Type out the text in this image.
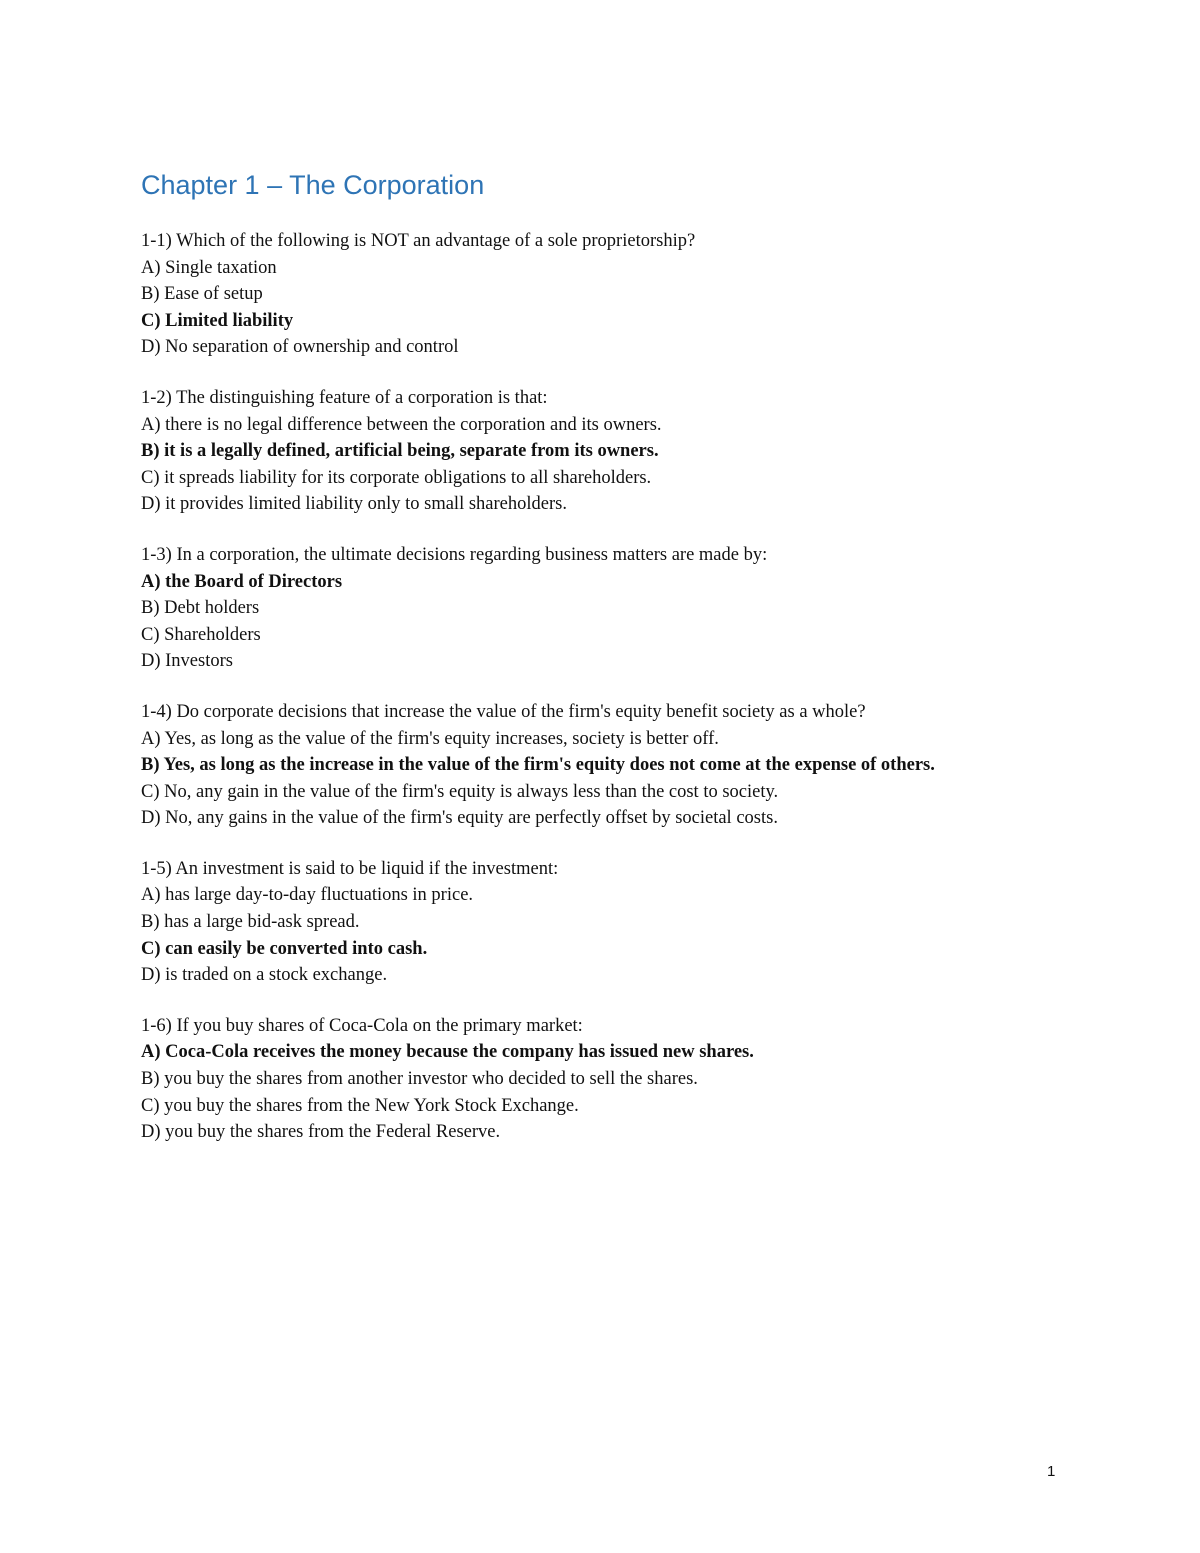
Chapter 1 – The Corporation
1-1) Which of the following is NOT an advantage of a sole proprietorship?
A) Single taxation
B) Ease of setup
C) Limited liability
D) No separation of ownership and control
1-2) The distinguishing feature of a corporation is that:
A) there is no legal difference between the corporation and its owners.
B) it is a legally defined, artificial being, separate from its owners.
C) it spreads liability for its corporate obligations to all shareholders.
D) it provides limited liability only to small shareholders.
1-3) In a corporation, the ultimate decisions regarding business matters are made by:
A) the Board of Directors
B) Debt holders
C) Shareholders
D) Investors
1-4) Do corporate decisions that increase the value of the firm's equity benefit society as a whole?
A) Yes, as long as the value of the firm's equity increases, society is better off.
B) Yes, as long as the increase in the value of the firm's equity does not come at the expense of others.
C) No, any gain in the value of the firm's equity is always less than the cost to society.
D) No, any gains in the value of the firm's equity are perfectly offset by societal costs.
1-5) An investment is said to be liquid if the investment:
A) has large day-to-day fluctuations in price.
B) has a large bid-ask spread.
C) can easily be converted into cash.
D) is traded on a stock exchange.
1-6) If you buy shares of Coca-Cola on the primary market:
A) Coca-Cola receives the money because the company has issued new shares.
B) you buy the shares from another investor who decided to sell the shares.
C) you buy the shares from the New York Stock Exchange.
D) you buy the shares from the Federal Reserve.
1
